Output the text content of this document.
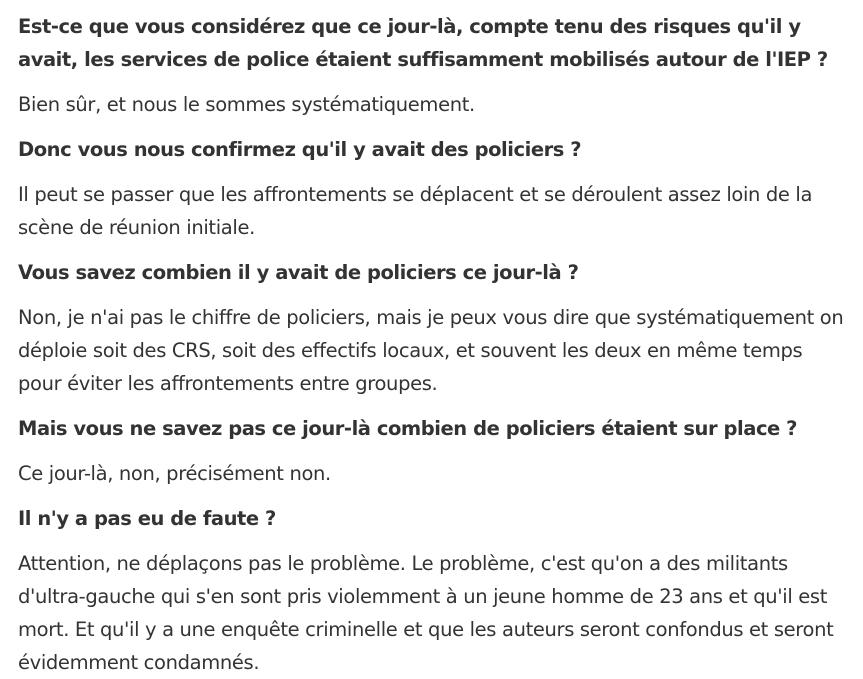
Est-ce que vous considérez que ce jour-là, compte tenu des risques qu'il y avait, les services de police étaient suffisamment mobilisés autour de l'IEP ?

Bien sûr, et nous le sommes systématiquement.

Donc vous nous confirmez qu'il y avait des policiers ?

Il peut se passer que les affrontements se déplacent et se déroulent assez loin de la scène de réunion initiale.

Vous savez combien il y avait de policiers ce jour-là ?

Non, je n'ai pas le chiffre de policiers, mais je peux vous dire que systématiquement on déploie soit des CRS, soit des effectifs locaux, et souvent les deux en même temps pour éviter les affrontements entre groupes.

Mais vous ne savez pas ce jour-là combien de policiers étaient sur place ?

Ce jour-là, non, précisément non.

Il n'y a pas eu de faute ?

Attention, ne déplaçons pas le problème. Le problème, c'est qu'on a des militants d'ultra-gauche qui s'en sont pris violemment à un jeune homme de 23 ans et qu'il est mort. Et qu'il y a une enquête criminelle et que les auteurs seront confondus et seront évidemment condamnés.
